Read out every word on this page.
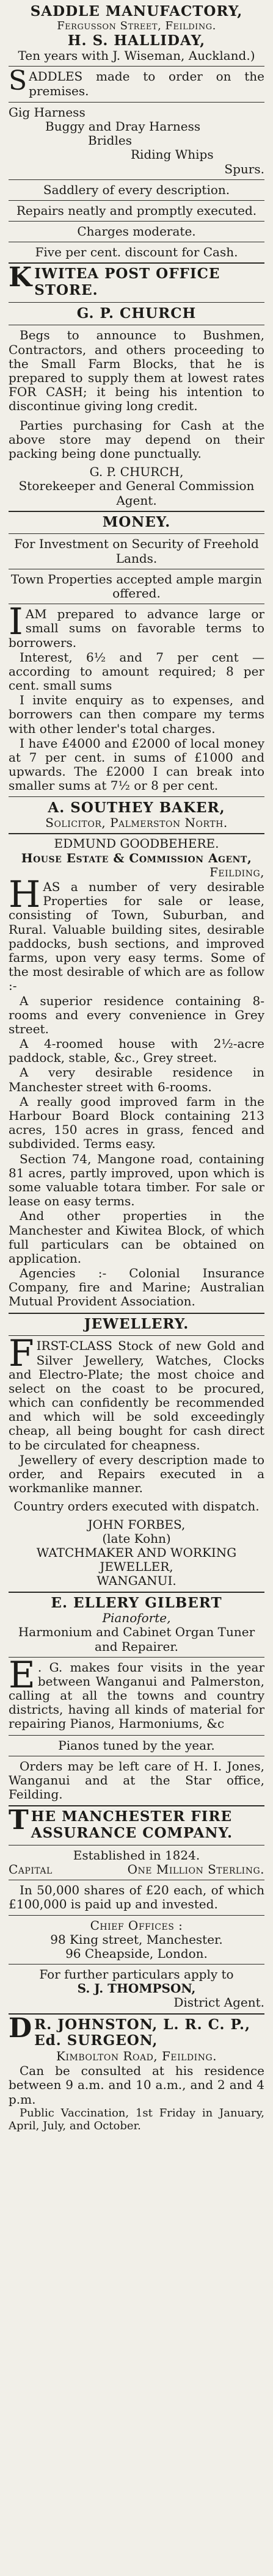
SADDLE MANUFACTORY,
Fergusson Street, Feilding.
H. S. HALLIDAY,
Ten years with J. Wiseman, Auckland.)

SADDLES made to order on the premises.

Gig Harness
Buggy and Dray Harness
Bridles
Riding Whips
Spurs.
Saddlery of every description.
Repairs neatly and promptly executed.
Charges moderate.
Five per cent. discount for Cash.
KIWITEA POST OFFICE STORE.
G. P. CHURCH

Begs to announce to Bushmen, Contractors, and others proceeding to the Small Farm Blocks, that he is prepared to supply them at lowest rates FOR CASH; it being his intention to discontinue giving long credit.

Parties purchasing for Cash at the above store may depend on their packing being done punctually.

G. P. CHURCH,
Storekeeper and General Commission Agent.
MONEY.
For Investment on Security of Freehold Lands.
Town Properties accepted ample margin offered.

IAM prepared to advance large or small sums on favorable terms to borrowers.

Interest, 6½ and 7 per cent — according to amount required; 8 per cent. small sums

I invite enquiry as to expenses, and borrowers can then compare my terms with other lender's total charges.

I have £4000 and £2000 of local money at 7 per cent. in sums of £1000 and upwards. The £2000 I can break into smaller sums at 7½ or 8 per cent.

A. SOUTHEY BAKER,
Solicitor, Palmerston North.
EDMUND GOODBEHERE.
House Estate & Commission Agent,
Feilding,

HAS a number of very desirable Properties for sale or lease, consisting of Town, Suburban, and Rural. Valuable building sites, desirable paddocks, bush sections, and improved farms, upon very easy terms. Some of the most desirable of which are as follow :-

A superior residence containing 8-rooms and every convenience in Grey street.

A 4-roomed house with 2½-acre paddock, stable, &c., Grey street.

A very desirable residence in Manchester street with 6-rooms.

A really good improved farm in the Harbour Board Block containing 213 acres, 150 acres in grass, fenced and subdivided. Terms easy.

Section 74, Mangone road, containing 81 acres, partly improved, upon which is some valuable totara timber. For sale or lease on easy terms.

And other properties in the Manchester and Kiwitea Block, of which full particulars can be obtained on application.

Agencies :- Colonial Insurance Company, fire and Marine; Australian Mutual Provident Association.

JEWELLERY.

FIRST-CLASS Stock of new Gold and Silver Jewellery, Watches, Clocks and Electro-Plate; the most choice and select on the coast to be procured, which can confidently be recommended and which will be sold exceedingly cheap, all being bought for cash direct to be circulated for cheapness.

Jewellery of every description made to order, and Repairs executed in a workmanlike manner.

Country orders executed with dispatch.
JOHN FORBES,
(late Kohn)
WATCHMAKER AND WORKING JEWELLER,
WANGANUI.
E. ELLERY GILBERT
Pianoforte,
Harmonium and Cabinet Organ Tuner and Repairer.

E . G. makes four visits in the year between Wanganui and Palmerston, calling at all the towns and country districts, having all kinds of material for repairing Pianos, Harmoniums, &c

Pianos tuned by the year.

Orders may be left care of H. I. Jones, Wanganui and at the Star office, Feilding.

THE MANCHESTER FIRE ASSURANCE COMPANY.
Established in 1824.
Capital	One Million Sterling.

In 50,000 shares of £20 each, of which £100,000 is paid up and invested.

Chief Offices :
98 King street, Manchester.
96 Cheapside, London.
For further particulars apply to
S. J. THOMPSON,
District Agent.
D R. JOHNSTON, L. R. C. P., Ed. SURGEON,
Kimbolton Road, Feilding.

Can be consulted at his residence between 9 a.m. and 10 a.m., and 2 and 4 p.m.

Public Vaccination, 1st Friday in January, April, July, and October.
